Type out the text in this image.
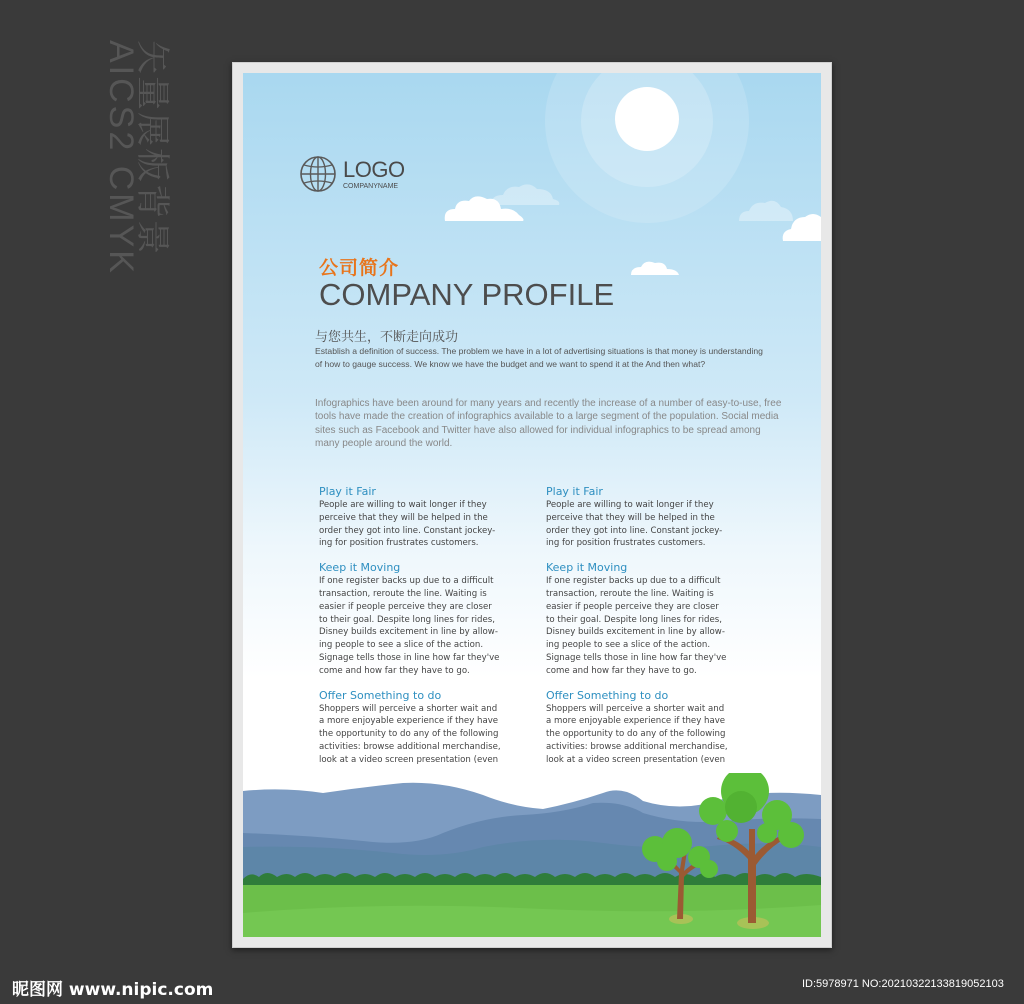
矢量展板背景
AICS2 CMYK	LOGO
COMPANYNAME
公司简介
COMPANY PROFILE
与您共生，不断走向成功
Establish a definition of success. The problem we have in a lot of advertising situations is that money is understanding of how to gauge success. We know we have the budget and we want to spend it at the And then what?
Infographics have been around for many years and recently the increase of a number of easy-to-use, free tools have made the creation of infographics available to a large segment of the population. Social media sites such as Facebook and Twitter have also allowed for individual infographics to be spread among many people around the world.

Play it Fair

People are willing to wait longer if they
perceive that they will be helped in the
order they got into line. Constant jockey-
ing for position frustrates customers.

Keep it Moving

If one register backs up due to a difficult
transaction, reroute the line. Waiting is
easier if people perceive they are closer
to their goal. Despite long lines for rides,
Disney builds excitement in line by allow-
ing people to see a slice of the action.
Signage tells those in line how far they've
come and how far they have to go.

Offer Something to do

Shoppers will perceive a shorter wait and
a more enjoyable experience if they have
the opportunity to do any of the following
activities: browse additional merchandise,
look at a video screen presentation (even

Play it Fair

People are willing to wait longer if they
perceive that they will be helped in the
order they got into line. Constant jockey-
ing for position frustrates customers.

Keep it Moving

If one register backs up due to a difficult
transaction, reroute the line. Waiting is
easier if people perceive they are closer
to their goal. Despite long lines for rides,
Disney builds excitement in line by allow-
ing people to see a slice of the action.
Signage tells those in line how far they've
come and how far they have to go.

Offer Something to do

Shoppers will perceive a shorter wait and
a more enjoyable experience if they have
the opportunity to do any of the following
activities: browse additional merchandise,
look at a video screen presentation (even

昵图网 www.nipic.com	ID:5978971 NO:20210322133819052103
